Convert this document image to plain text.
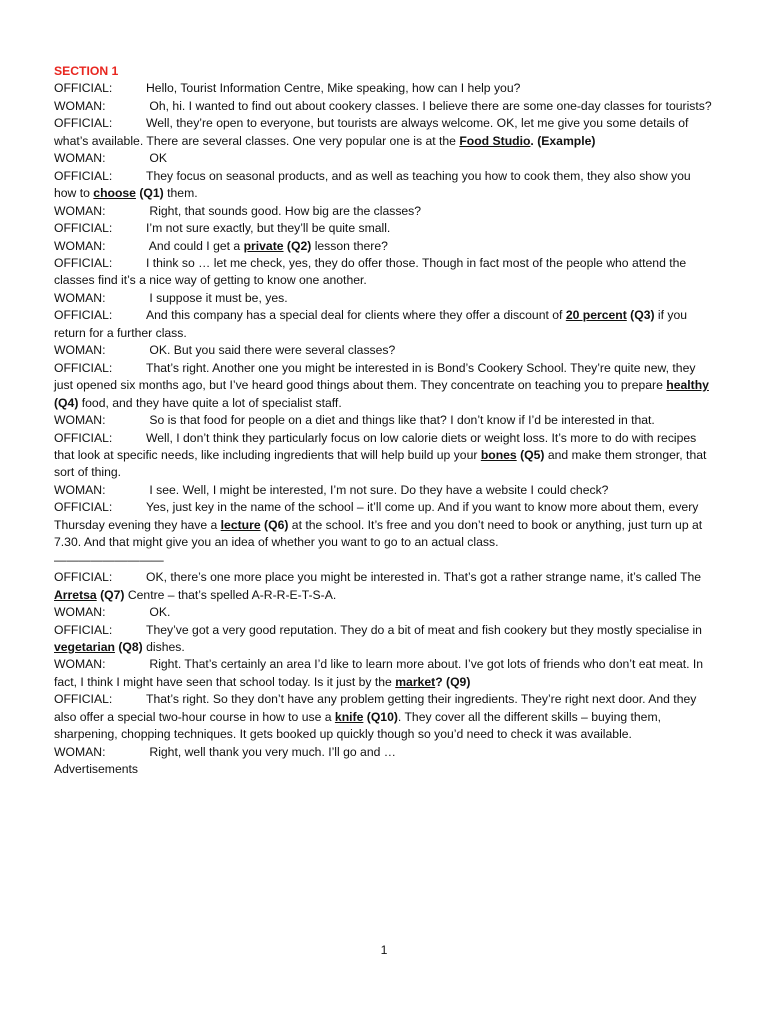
SECTION 1
OFFICIAL:	Hello, Tourist Information Centre, Mike speaking, how can I help you?
WOMAN:	Oh, hi. I wanted to find out about cookery classes. I believe there are some one-day classes for tourists?
OFFICIAL:	Well, they’re open to everyone, but tourists are always welcome. OK, let me give you some details of what’s available. There are several classes. One very popular one is at the Food Studio. (Example)
WOMAN:	OK
OFFICIAL:	They focus on seasonal products, and as well as teaching you how to cook them, they also show you how to choose (Q1) them.
WOMAN:	Right, that sounds good. How big are the classes?
OFFICIAL:	I’m not sure exactly, but they’ll be quite small.
WOMAN:	And could I get a private (Q2) lesson there?
OFFICIAL:	I think so … let me check, yes, they do offer those. Though in fact most of the people who attend the classes find it’s a nice way of getting to know one another.
WOMAN:	I suppose it must be, yes.
OFFICIAL:	And this company has a special deal for clients where they offer a discount of 20 percent (Q3) if you return for a further class.
WOMAN:	OK. But you said there were several classes?
OFFICIAL:	That’s right. Another one you might be interested in is Bond’s Cookery School. They’re quite new, they just opened six months ago, but I’ve heard good things about them. They concentrate on teaching you to prepare healthy (Q4) food, and they have quite a lot of specialist staff.
WOMAN:	So is that food for people on a diet and things like that? I don’t know if I’d be interested in that.
OFFICIAL:	Well, I don’t think they particularly focus on low calorie diets or weight loss. It’s more to do with recipes that look at specific needs, like including ingredients that will help build up your bones (Q5) and make them stronger, that sort of thing.
WOMAN:	I see. Well, I might be interested, I’m not sure. Do they have a website I could check?
OFFICIAL:	Yes, just key in the name of the school – it’ll come up. And if you want to know more about them, every Thursday evening they have a lecture (Q6) at the school. It’s free and you don’t need to book or anything, just turn up at 7.30. And that might give you an idea of whether you want to go to an actual class.
—————————
OFFICIAL:	OK, there’s one more place you might be interested in. That’s got a rather strange name, it’s called The Arretsa (Q7) Centre – that’s spelled A-R-R-E-T-S-A.
WOMAN:	OK.
OFFICIAL:	They’ve got a very good reputation. They do a bit of meat and fish cookery but they mostly specialise in vegetarian (Q8) dishes.
WOMAN:	Right. That’s certainly an area I’d like to learn more about. I’ve got lots of friends who don’t eat meat. In fact, I think I might have seen that school today. Is it just by the market? (Q9)
OFFICIAL:	That’s right. So they don’t have any problem getting their ingredients. They’re right next door. And they also offer a special two-hour course in how to use a knife (Q10). They cover all the different skills – buying them, sharpening, chopping techniques. It gets booked up quickly though so you’d need to check it was available.
WOMAN:	Right, well thank you very much. I’ll go and …
Advertisements
1
